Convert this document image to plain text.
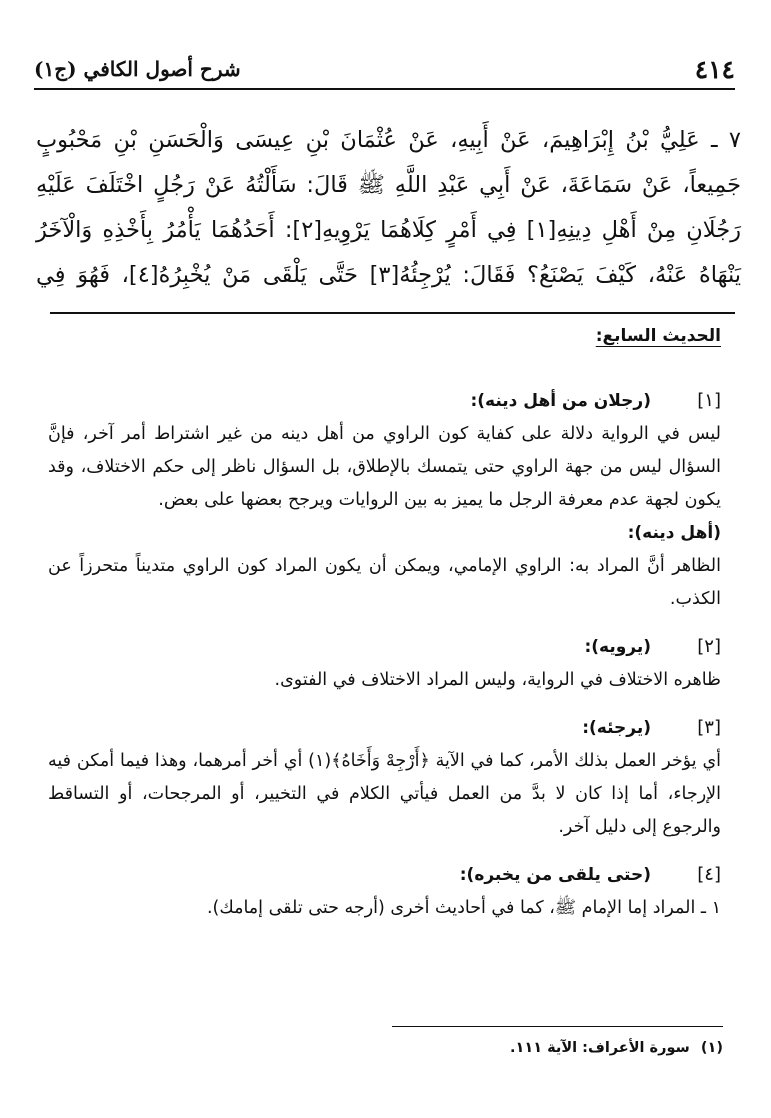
٤١٤
شرح أصول الكافي (ج١)
٧ ـ عَلِيُّ بْنُ إِبْرَاهِيمَ، عَنْ أَبِيهِ، عَنْ عُثْمَانَ بْنِ عِيسَى وَالْحَسَنِ بْنِ مَحْبُوبٍ جَمِيعاً، عَنْ سَمَاعَةَ، عَنْ أَبِي عَبْدِ اللَّهِ ﷺ قَالَ: سَأَلْتُهُ عَنْ رَجُلٍ اخْتَلَفَ عَلَيْهِ رَجُلَانِ مِنْ أَهْلِ دِينِهِ[١] فِي أَمْرٍ كِلَاهُمَا يَرْوِيهِ[٢]: أَحَدُهُمَا يَأْمُرُ بِأَخْذِهِ وَالْآخَرُ يَنْهَاهُ عَنْهُ، كَيْفَ يَصْنَعُ؟ فَقَالَ: يُرْجِئُهُ[٣] حَتَّى يَلْقَى مَنْ يُخْبِرُهُ[٤]، فَهُوَ فِي
الحديث السابع:
[١]
(رجلان من أهل دينه):

ليس في الرواية دلالة على كفاية كون الراوي من أهل دينه من غير اشتراط أمر آخر، فإنَّ السؤال ليس من جهة الراوي حتى يتمسك بالإطلاق، بل السؤال ناظر إلى حكم الاختلاف، وقد يكون لجهة عدم معرفة الرجل ما يميز به بين الروايات ويرجح بعضها على بعض.

(أهل دينه):

الظاهر أنَّ المراد به: الراوي الإمامي، ويمكن أن يكون المراد كون الراوي متديناً متحرزاً عن الكذب.

[٢]
(يرويه):

ظاهره الاختلاف في الرواية، وليس المراد الاختلاف في الفتوى.

[٣]
(يرجئه):

أي يؤخر العمل بذلك الأمر، كما في الآية ﴿أَرْجِهْ وَأَخَاهُ﴾(١) أي أخر أمرهما، وهذا فيما أمكن فيه الإرجاء، أما إذا كان لا بدَّ من العمل فيأتي الكلام في التخيير، أو المرجحات، أو التساقط والرجوع إلى دليل آخر.

[٤]
(حتى يلقى من يخبره):

١ ـ المراد إما الإمام ﷺ، كما في أحاديث أخرى (أرجه حتى تلقى إمامك).

(١) سورة الأعراف: الآية ١١١.
